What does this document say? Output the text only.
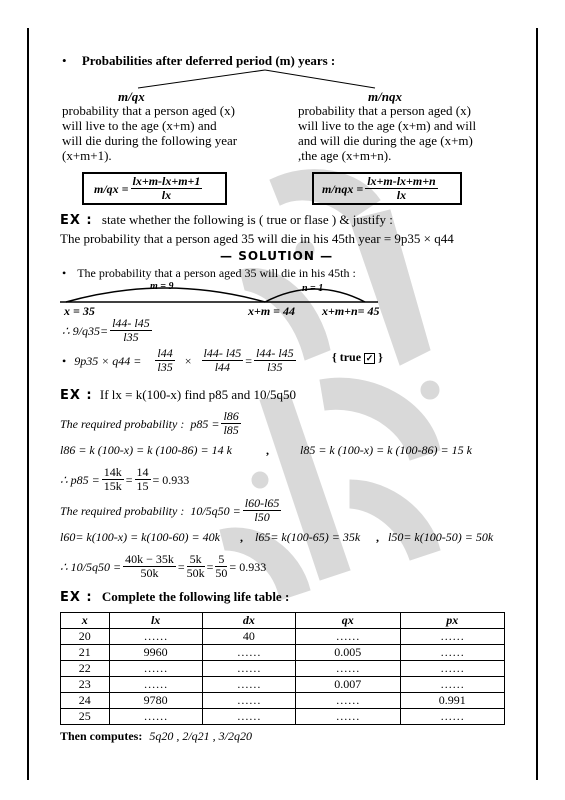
• Probabilities after deferred period (m) years :
m/qx	m/nqx
probability that a person aged (x)
will live to the age (x+m) and
will die during the following year
(x+m+1).
probability that a person aged (x)
will live to the age (x+m) and will
and will die during the age (x+m)
,the age (x+m+n).
$m/qx = \frac{lx+m-lx+m+1}{lx}$	$m/nqx = \frac{lx+m-lx+m+n}{lx}$
EX : state whether the following is ( true or flase ) & justify :
The probability that a person aged 35 will die in his 45th year = 9p35 × q44
— SOLUTION —
• The probability that a person aged 35 will die in his 45th :
m = 9	n = 1
x = 35	x+m = 44 x+m+n= 45
∴ $9/q35= \frac{l44- l45}{l35}$
• $9p35 \times q44 = \frac{l44}{l35} \times \frac{l44- l45}{l44} = \frac{l44- l45}{l35}$	{ true ✓ }
EX : If lx = k(100-x) find p85 and 10/5q50
The required probability : $p85 = \frac{l86}{l85}$
l86 = k (100-x) = k (100-86) = 14 k	,	l85 = k (100-x) = k (100-86) = 15 k
∴ $p85 = \frac{14k}{15k} = \frac{14}{15} = 0.933$
The required probability : $10/5q50 = \frac{l60-l65}{l50}$
l60= k(100-x) = k(100-60) = 40k , l65= k(100-65) = 35k , l50= k(100-50) = 50k
∴ $10/5q50 = \frac{40k - 35k}{50k} = \frac{5k}{50k} = \frac{5}{50} = 0.933$
EX : Complete the following life table :
x	lx	dx	qx	px
20	……	40	……	……
21	9960	……	0.005	……
22	……	……	……	……
23	……	……	0.007	……
24	9780	……	……	0.991
25	……	……	……	……
Then computes: 5q20 , 2/q21 , 3/2q20
